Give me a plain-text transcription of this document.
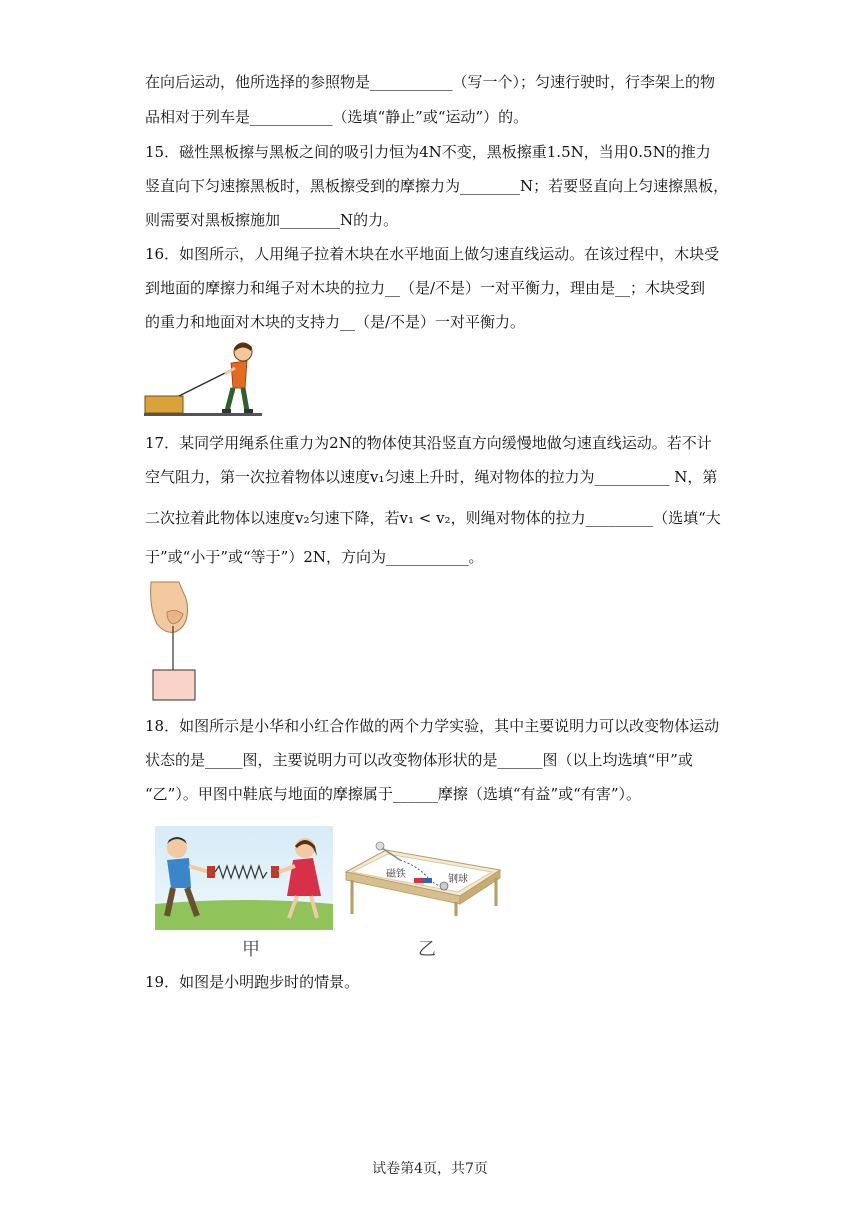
在向后运动，他所选择的参照物是___________（写一个）；匀速行驶时，行李架上的物
品相对于列车是___________（选填“静止”或“运动”）的。
15．磁性黑板擦与黑板之间的吸引力恒为4N不变，黑板擦重1.5N，当用0.5N的推力
竖直向下匀速擦黑板时，黑板擦受到的摩擦力为________N；若要竖直向上匀速擦黑板，
则需要对黑板擦施加________N的力。
16．如图所示，人用绳子拉着木块在水平地面上做匀速直线运动。在该过程中，木块受
到地面的摩擦力和绳子对木块的拉力__（是/不是）一对平衡力，理由是__；木块受到
的重力和地面对木块的支持力__（是/不是）一对平衡力。
17．某同学用绳系住重力为2N的物体使其沿竖直方向缓慢地做匀速直线运动。若不计
空气阻力，第一次拉着物体以速度v₁匀速上升时，绳对物体的拉力为__________ N，第
二次拉着此物体以速度v₂匀速下降，若v₁ < v₂，则绳对物体的拉力_________（选填“大
于”或“小于”或“等于”）2N，方向为___________。
18．如图所示是小华和小红合作做的两个力学实验，其中主要说明力可以改变物体运动
状态的是_____图，主要说明力可以改变物体形状的是______图（以上均选填“甲”或
“乙”）。甲图中鞋底与地面的摩擦属于______摩擦（选填“有益”或“有害”）。
甲
磁铁	钢球
乙
19．如图是小明跑步时的情景。
试卷第4页，共7页
